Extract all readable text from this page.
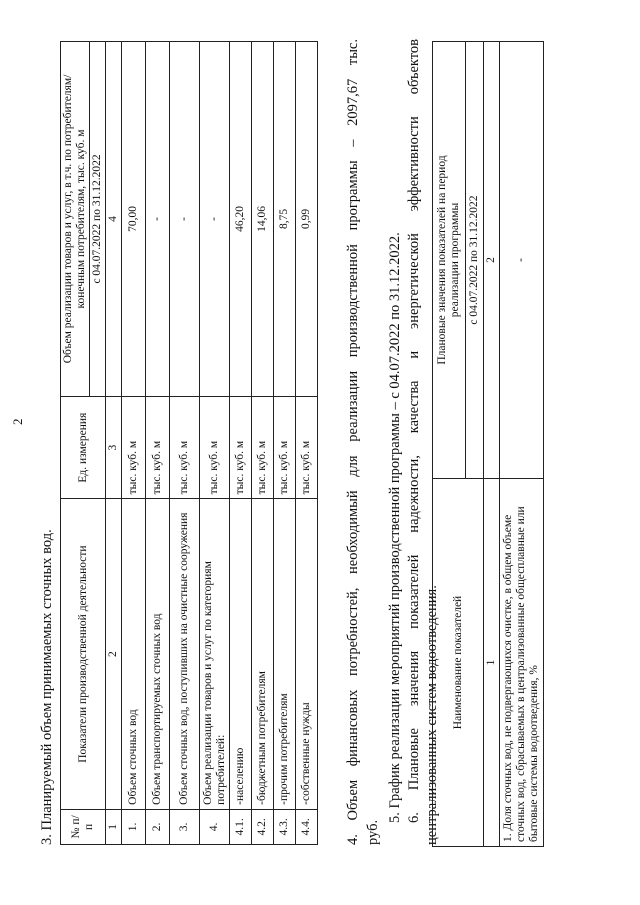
2
3. Планируемый объем принимаемых сточных вод. № п/п	Показатели производственной деятельности	Ед. измерения	Объем реализации товаров и услуг, в т.ч. по потребителям/ конечным потребителям, тыс. куб. м

			с 04.07.2022 по 31.12.2022
1	2	3	4
1.	Объем сточных вод	тыс. куб. м	70,00
2.	Объем транспортируемых сточных вод	тыс. куб. м	-
3.	Объем сточных вод, поступивших на очистные сооружения	тыс. куб. м	-
4.	Объем реализации товаров и услуг по категориям потребителей:	тыс. куб. м	-
4.1.	-населению	тыс. куб. м	46,20
4.2.	-бюджетным потребителям	тыс. куб. м	14,06
4.3.	-прочим потребителям	тыс. куб. м	8,75
4.4.	-собственные нужды	тыс. куб. м	0,99 4. Объем финансовых потребностей, необходимый для реализации производственной программы – 2097,67 тыс. руб.
5. График реализации мероприятий производственной программы – с 04.07.2022 по 31.12.2022. 6. Плановые значения показателей надежности, качества и энергетической эффективности объектов централизованных систем водоотведения. Наименование показателей	Плановые значения показателей на период реализации программы

	с 04.07.2022 по 31.12.2022
1	2
1. Доля сточных вод, не подвергающихся очистке, в общем объеме сточных вод, сбрасываемых в централизованные общесплавные или бытовые системы водоотведения, %	-
